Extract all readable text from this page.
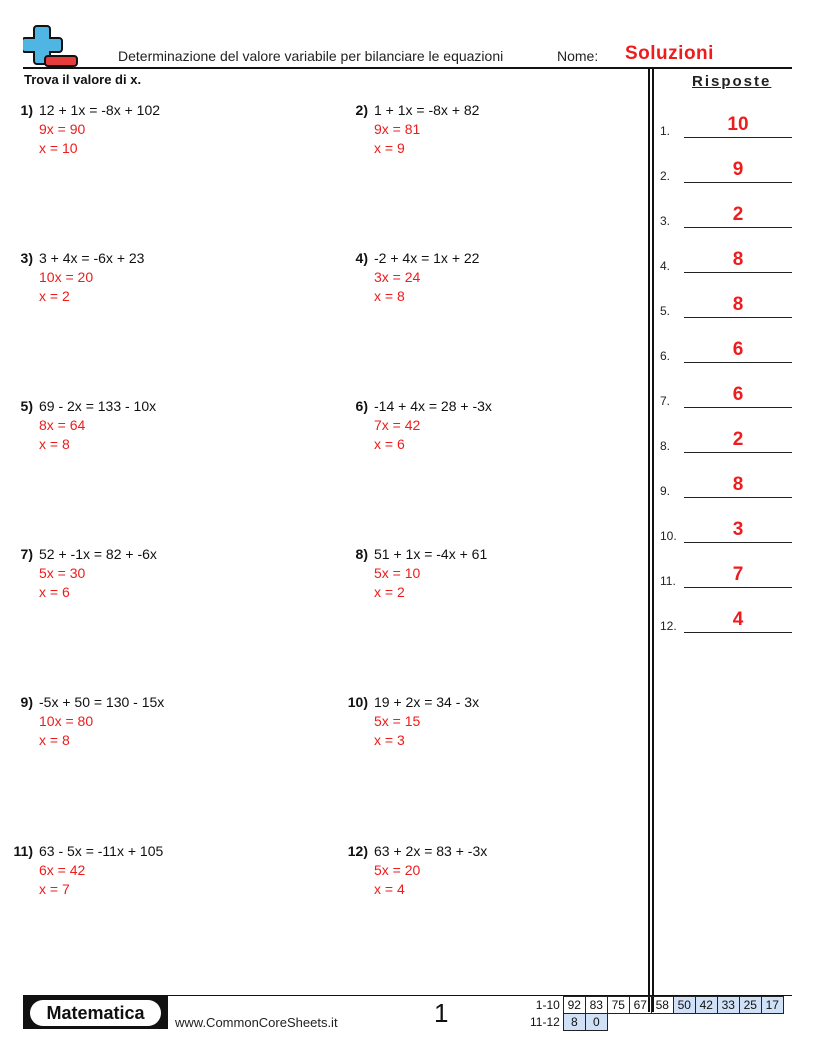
Determinazione del valore variabile per bilanciare le equazioni	Nome: Soluzioni
Trova il valore di x.
1) 12 + 1x = -8x + 102
9x = 90
x = 10
2) 1 + 1x = -8x + 82
9x = 81
x = 9
3) 3 + 4x = -6x + 23
10x = 20
x = 2
4) -2 + 4x = 1x + 22
3x = 24
x = 8
5) 69 - 2x = 133 - 10x
8x = 64
x = 8
6) -14 + 4x = 28 + -3x
7x = 42
x = 6
7) 52 + -1x = 82 + -6x
5x = 30
x = 6
8) 51 + 1x = -4x + 61
5x = 10
x = 2
9) -5x + 50 = 130 - 15x
10x = 80
x = 8
10) 19 + 2x = 34 - 3x
5x = 15
x = 3
11) 63 - 5x = -11x + 105
6x = 42
x = 7
12) 63 + 2x = 83 + -3x
5x = 20
x = 4
Risposte
1.	10
2.	9
3.	2
4.	8
5.	8
6.	6
7.	6
8.	2
9.	8
10.	3
11.	7
12.	4
Matematica	www.CommonCoreSheets.it	1	1-10	92	83	75	67	58	50	42	33	25	17
11-12	8	0								
